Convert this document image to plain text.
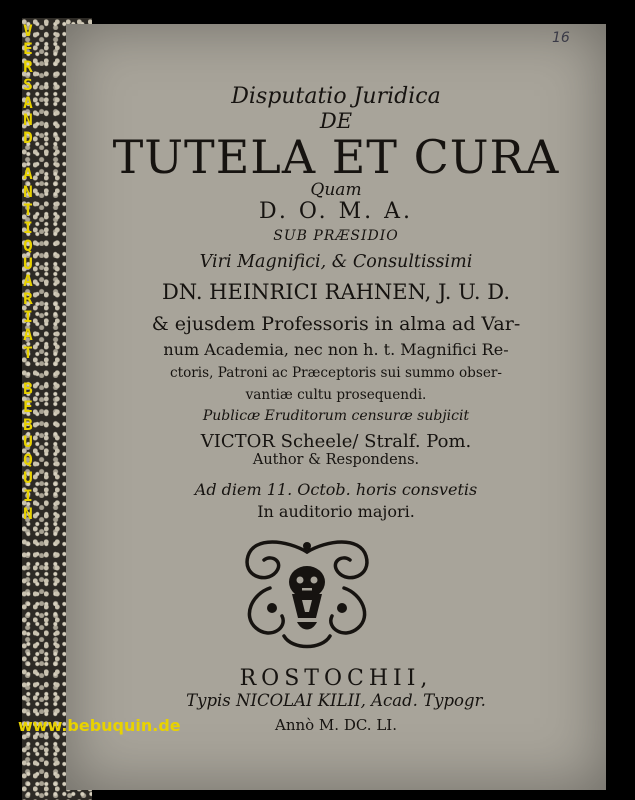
V
E
R
S
A
N
D
A
N
T
I
Q
U
A
R
I
A
T
B
E
B
U
Q
U
I
N
www.bebuquin.de
16
Disputatio Juridica
DE
TUTELA ET CURA
Quam
D. O. M. A.
SUB PRÆSIDIO
Viri Magnifici, & Consultissimi
DN. HEINRICI RAHNEN, J. U. D.
& ejusdem Professoris in alma ad Var-
num Academia, nec non h. t. Magnifici Re-
ctoris, Patroni ac Præceptoris sui summo obser-
vantiæ cultu prosequendi.
Publicæ Eruditorum censuræ subjicit
VICTOR Scheele/ Stralf. Pom.
Author & Respondens.
Ad diem 11. Octob. horis consvetis
In auditorio majori.
ROSTOCHII,
Typis NICOLAI KILII, Acad. Typogr.
Annò M. DC. LI.
